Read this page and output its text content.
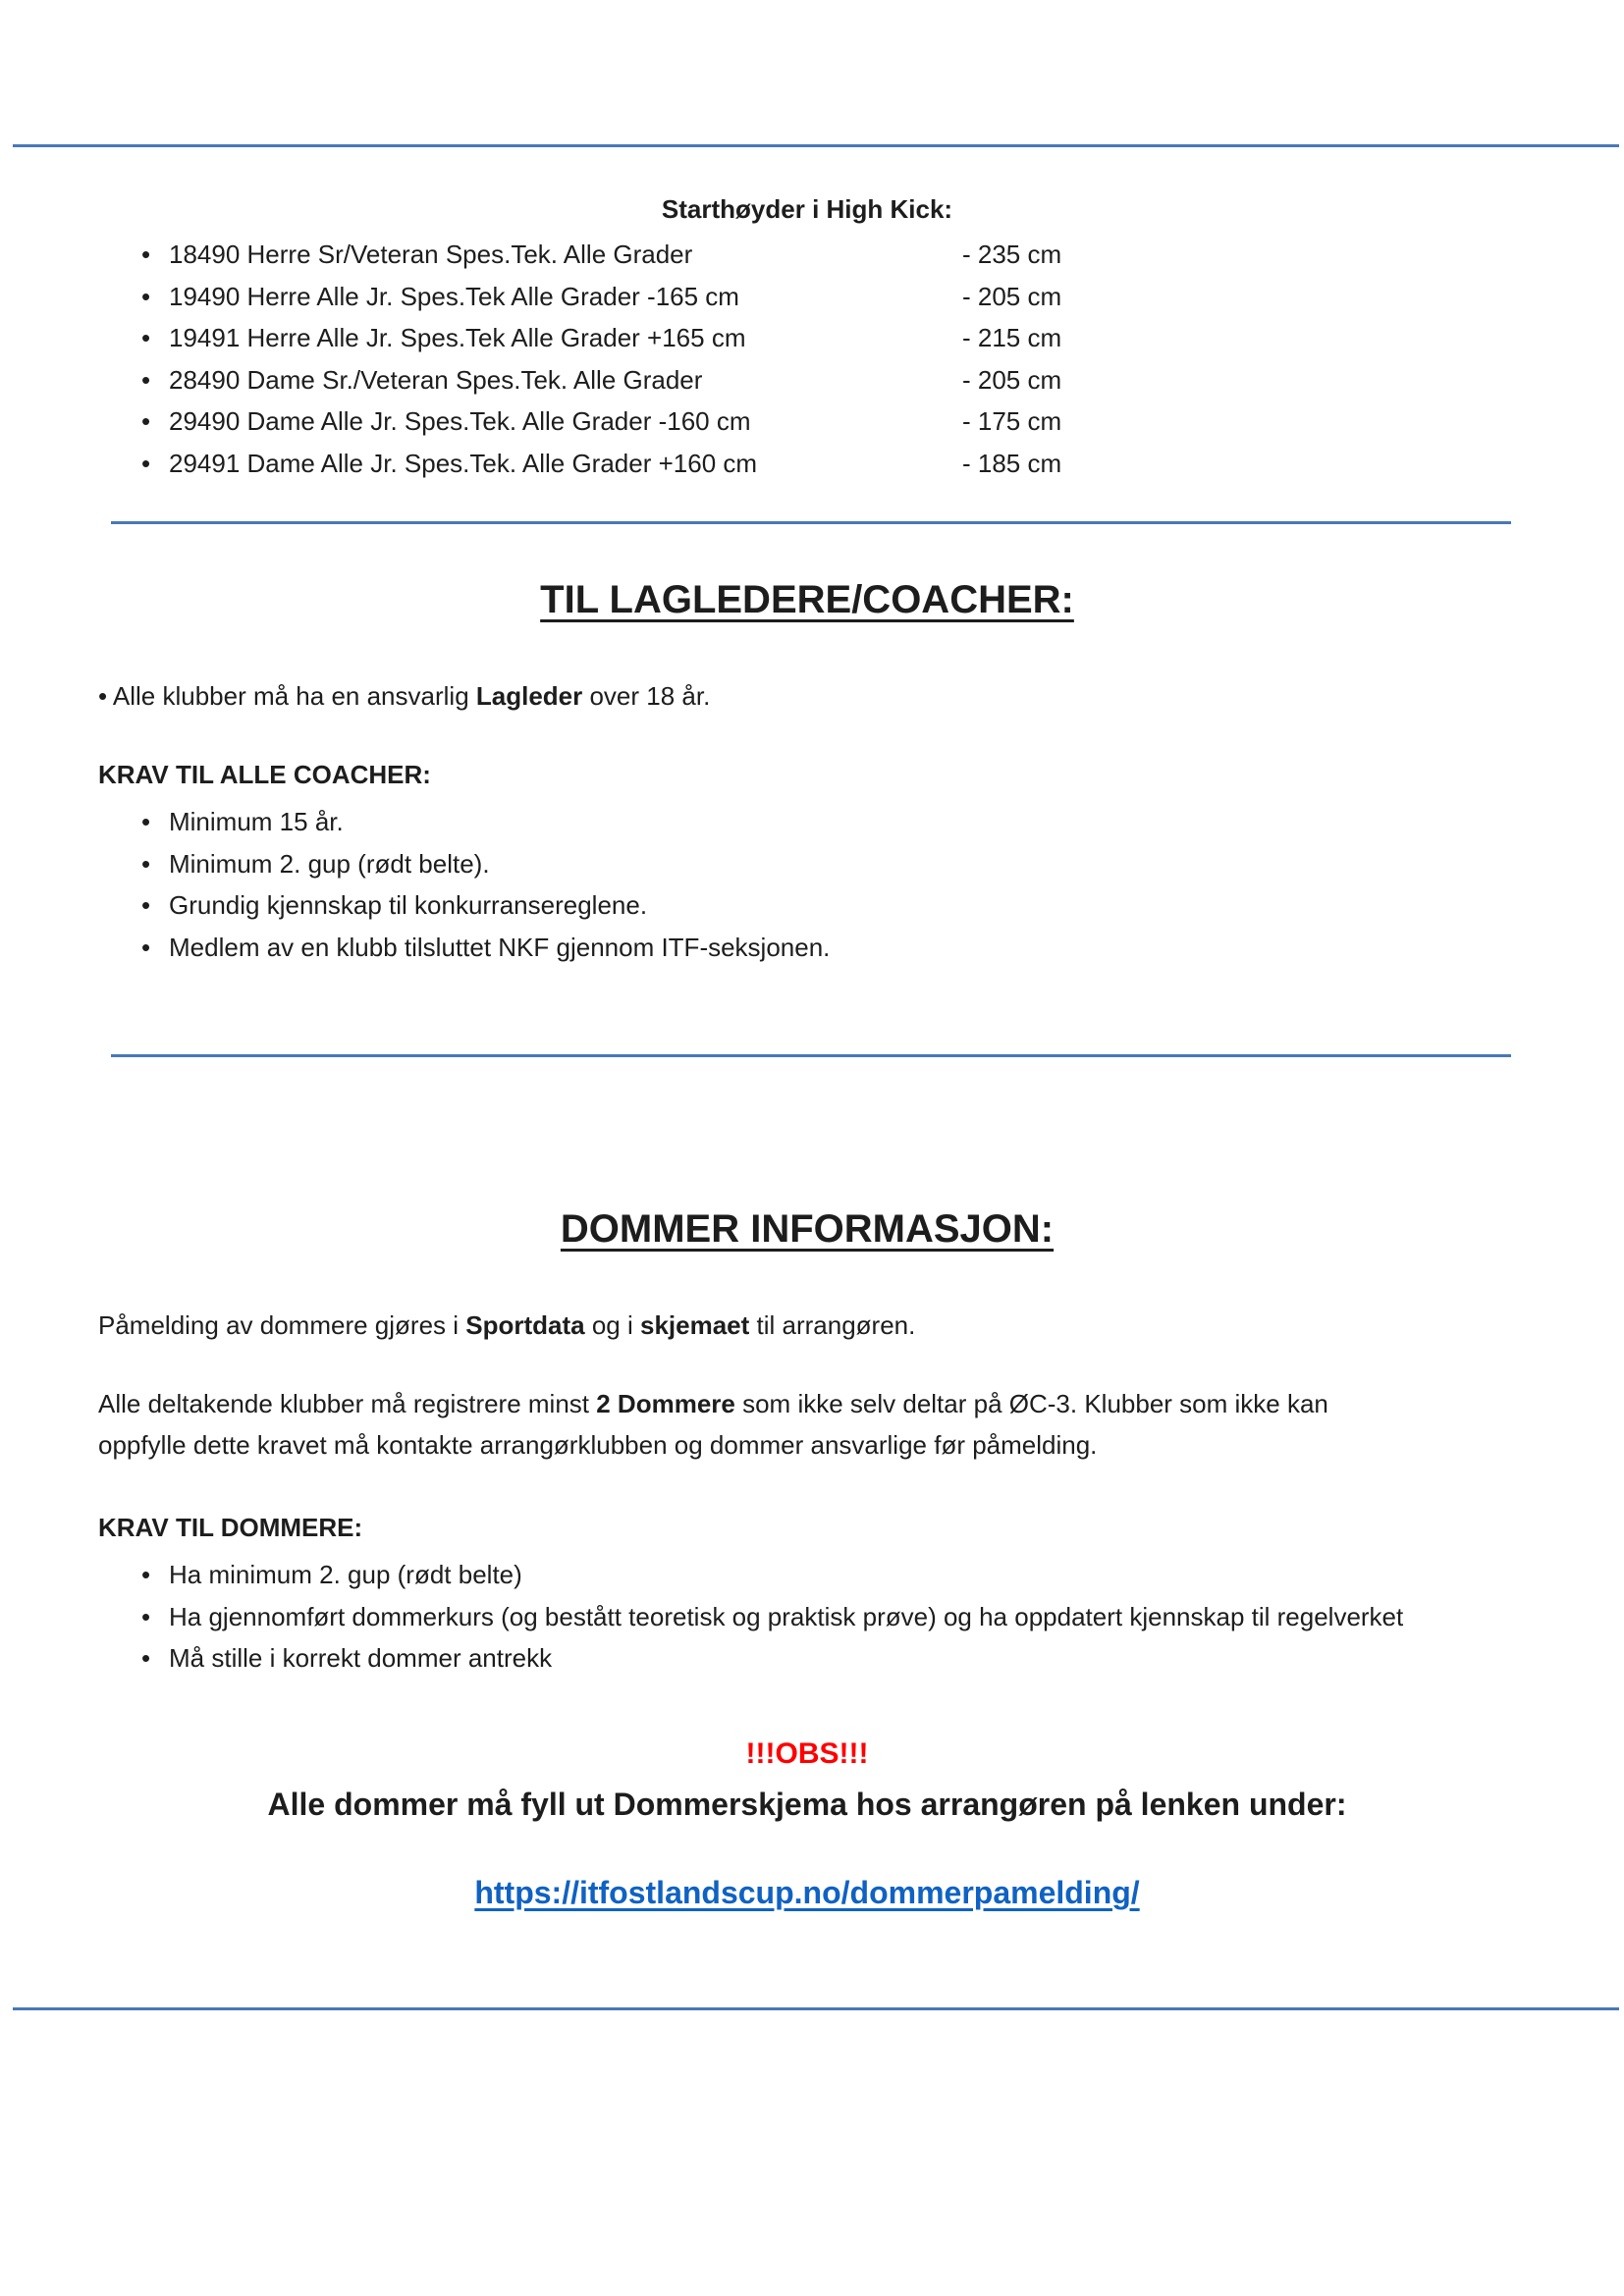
Starthøyder i High Kick:
• 18490 Herre Sr/Veteran Spes.Tek. Alle Grader	- 235 cm
• 19490 Herre Alle Jr. Spes.Tek Alle Grader -165 cm	- 205 cm
• 19491 Herre Alle Jr. Spes.Tek Alle Grader +165 cm	- 215 cm
• 28490 Dame Sr./Veteran Spes.Tek. Alle Grader	- 205 cm
• 29490 Dame Alle Jr. Spes.Tek. Alle Grader -160 cm	- 175 cm
• 29491 Dame Alle Jr. Spes.Tek. Alle Grader +160 cm	- 185 cm
TIL LAGLEDERE/COACHER:
• Alle klubber må ha en ansvarlig Lagleder over 18 år.
KRAV TIL ALLE COACHER:
• Minimum 15 år.
• Minimum 2. gup (rødt belte).
• Grundig kjennskap til konkurransereglene.
• Medlem av en klubb tilsluttet NKF gjennom ITF-seksjonen.
DOMMER INFORMASJON:
Påmelding av dommere gjøres i Sportdata og i skjemaet til arrangøren.
Alle deltakende klubber må registrere minst 2 Dommere som ikke selv deltar på ØC-3. Klubber som ikke kan oppfylle dette kravet må kontakte arrangørklubben og dommer ansvarlige før påmelding.
KRAV TIL DOMMERE:
• Ha minimum 2. gup (rødt belte)
• Ha gjennomført dommerkurs (og bestått teoretisk og praktisk prøve) og ha oppdatert kjennskap til regelverket
• Må stille i korrekt dommer antrekk
!!!OBS!!!
Alle dommer må fyll ut Dommerskjema hos arrangøren på lenken under:
https://itfostlandscup.no/dommerpamelding/
